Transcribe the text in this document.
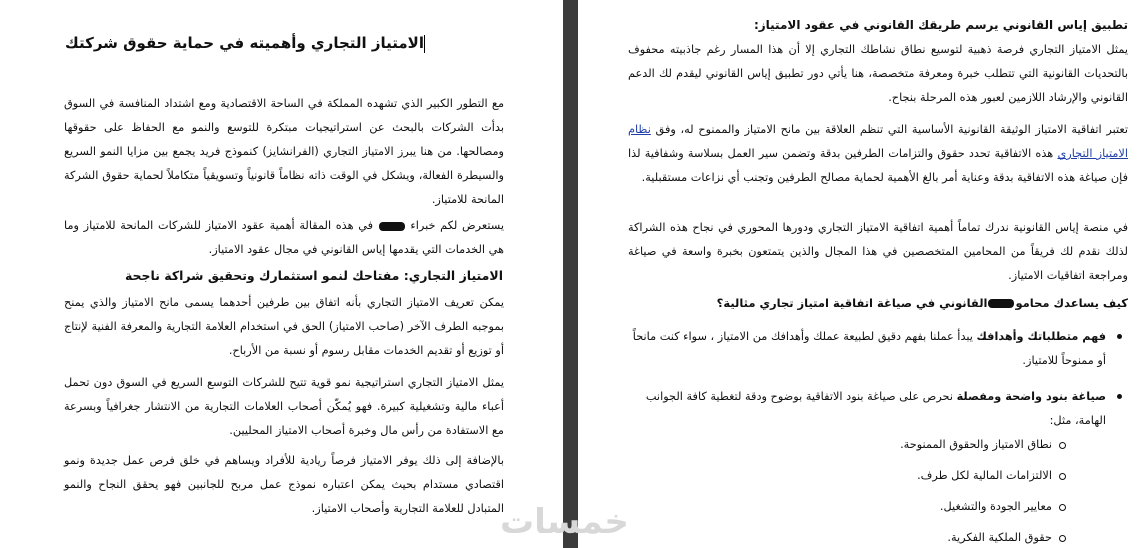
الامتياز التجاري وأهميته في حماية حقوق شركتك

مع التطور الكبير الذي تشهده المملكة في الساحة الاقتصادية ومع اشتداد المنافسة في السوق بدأت الشركات بالبحث عن استراتيجيات مبتكرة للتوسع والنمو مع الحفاظ على حقوقها ومصالحها. من هنا يبرز الامتياز التجاري (الفرانشايز) كنموذج فريد يجمع بين مزايا النمو السريع والسيطرة الفعالة، ويشكل في الوقت ذاته نظاماً قانونياً وتسويقياً متكاملاً لحماية حقوق الشركة المانحة للامتياز.

يستعرض لكم خبراء  في هذه المقالة أهمية عقود الامتياز للشركات المانحة للامتياز وما هي الخدمات التي يقدمها إياس القانوني في مجال عقود الامتياز.

الامتياز التجاري: مفتاحك لنمو استثمارك وتحقيق شراكة ناجحة

يمكن تعريف الامتياز التجاري بأنه اتفاق بين طرفين أحدهما يسمى مانح الامتياز والذي يمنح بموجبه الطرف الآخر (صاحب الامتياز) الحق في استخدام العلامة التجارية والمعرفة الفنية لإنتاج أو توزيع أو تقديم الخدمات مقابل رسوم أو نسبة من الأرباح.

يمثل الامتياز التجاري استراتيجية نمو قوية تتيح للشركات التوسع السريع في السوق دون تحمل أعباء مالية وتشغيلية كبيرة. فهو يُمكّن أصحاب العلامات التجارية من الانتشار جغرافياً وبسرعة مع الاستفادة من رأس مال وخبرة أصحاب الامتياز المحليين.

بالإضافة إلى ذلك يوفر الامتياز فرصاً ريادية للأفراد ويساهم في خلق فرص عمل جديدة ونمو اقتصادي مستدام بحيث يمكن اعتباره نموذج عمل مربح للجانبين فهو يحقق النجاح والنمو المتبادل للعلامة التجارية وأصحاب الامتياز.

تطبيق إياس القانوني يرسم طريقك القانوني في عقود الامتياز:

يمثل الامتياز التجاري فرصة ذهبية لتوسيع نطاق نشاطك التجاري إلا أن هذا المسار رغم جاذبيته محفوف بالتحديات القانونية التي تتطلب خبرة ومعرفة متخصصة، هنا يأتي دور تطبيق إياس القانوني ليقدم لك الدعم القانوني والإرشاد اللازمين لعبور هذه المرحلة بنجاح.

تعتبر اتفاقية الامتياز الوثيقة القانونية الأساسية التي تنظم العلاقة بين مانح الامتياز والممنوح له، وفق نظام الامتياز التجاري هذه الاتفاقية تحدد حقوق والتزامات الطرفين بدقة وتضمن سير العمل بسلاسة وشفافية لذا فإن صياغة هذه الاتفاقية بدقة وعناية أمر بالغ الأهمية لحماية مصالح الطرفين وتجنب أي نزاعات مستقبلية.

في منصة إياس القانونية ندرك تماماً أهمية اتفاقية الامتياز التجاري ودورها المحوري في نجاح هذه الشراكة لذلك نقدم لك فريقاً من المحامين المتخصصين في هذا المجال والذين يتمتعون بخبرة واسعة في صياغة ومراجعة اتفاقيات الامتياز.

كيف يساعدك محاموالقانوني في صياغة اتفاقية امتياز تجاري مثالية؟

فهم متطلباتك وأهدافك يبدأ عملنا بفهم دقيق لطبيعة عملك وأهدافك من الامتياز ، سواء كنت مانحاً أو ممنوحاً للامتياز.
صياغة بنود واضحة ومفصلة نحرص على صياغة بنود الاتفاقية بوضوح ودقة لتغطية كافة الجوانب الهامة، مثل:
نطاق الامتياز والحقوق الممنوحة.
الالتزامات المالية لكل طرف.
معايير الجودة والتشغيل.
حقوق الملكية الفكرية.
خمسات
